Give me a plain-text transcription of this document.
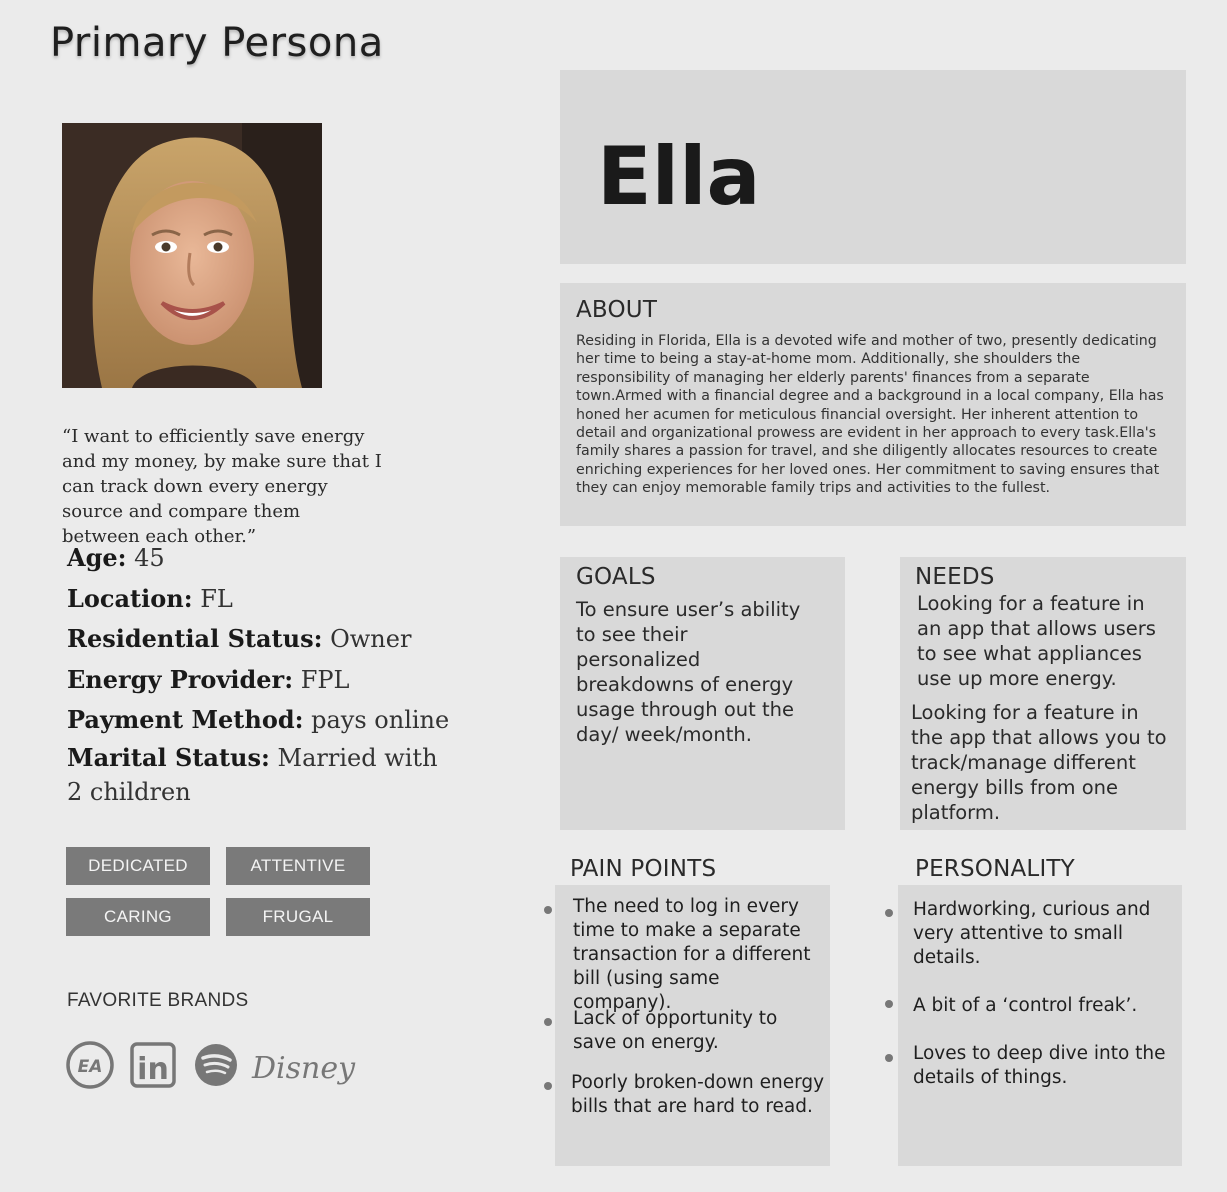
Primary Persona
“I want to efficiently save energy and my money, by make sure that I can track down every energy source and compare them between each other.”
Age: 45
Location: FL
Residential Status: Owner
Energy Provider: FPL
Payment Method: pays online
Marital Status: Married with 2 children
DEDICATED	ATTENTIVE
CARING	FRUGAL
FAVORITE BRANDS
EA in	Disney
Ella
ABOUT
Residing in Florida, Ella is a devoted wife and mother of two, presently dedicating her time to being a stay-at-home mom. Additionally, she shoulders the responsibility of managing her elderly parents' finances from a separate town.Armed with a financial degree and a background in a local company, Ella has honed her acumen for meticulous financial oversight. Her inherent attention to detail and organizational prowess are evident in her approach to every task.Ella's family shares a passion for travel, and she diligently allocates resources to create enriching experiences for her loved ones. Her commitment to saving ensures that they can enjoy memorable family trips and activities to the fullest.
GOALS
To ensure user’s ability to see their personalized breakdowns of energy usage through out the day/ week/month.
NEEDS
Looking for a feature in an app that allows users to see what appliances use up more energy.
Looking for a feature in the app that allows you to track/manage different energy bills from one platform.
PAIN POINTS
The need to log in every time to make a separate transaction for a different bill (using same company).
Lack of opportunity to save on energy.
Poorly broken-down energy bills that are hard to read.
PERSONALITY
Hardworking, curious and very attentive to small details.
A bit of a ‘control freak’.
Loves to deep dive into the details of things.
